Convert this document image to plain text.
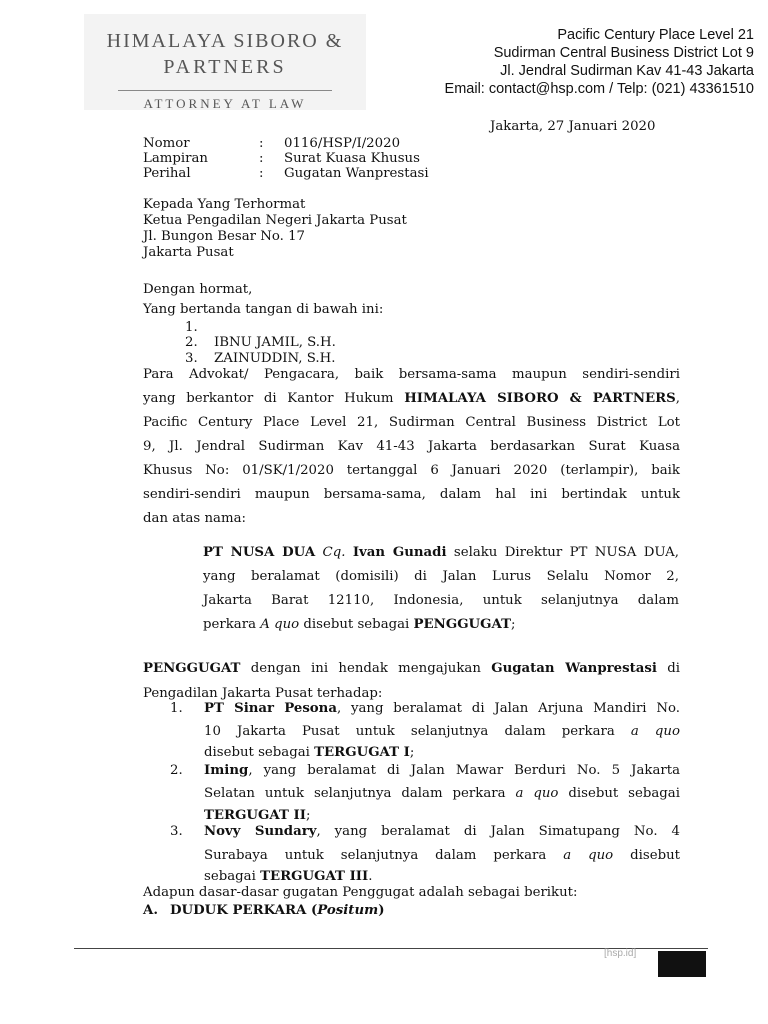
HIMALAYA SIBORO &
PARTNERS
ATTORNEY AT LAW
Pacific Century Place Level 21
Sudirman Central Business District Lot 9
Jl. Jendral Sudirman Kav 41-43 Jakarta
Email: contact@hsp.com / Telp: (021) 43361510
Jakarta, 27 Januari 2020
Nomor	: 0116/HSP/I/2020
Lampiran	: Surat Kuasa Khusus
Perihal	: Gugatan Wanprestasi
Kepada Yang Terhormat
Ketua Pengadilan Negeri Jakarta Pusat
Jl. Bungon Besar No. 17
Jakarta Pusat
Dengan hormat,
Yang bertanda tangan di bawah ini:
1.
2. IBNU JAMIL, S.H.
3. ZAINUDDIN, S.H.
Para Advokat/ Pengacara, baik bersama-sama maupun sendiri-sendiri
yang berkantor di Kantor Hukum HIMALAYA SIBORO & PARTNERS,
Pacific Century Place Level 21, Sudirman Central Business District Lot
9, Jl. Jendral Sudirman Kav 41-43 Jakarta berdasarkan Surat Kuasa
Khusus No: 01/SK/1/2020 tertanggal 6 Januari 2020 (terlampir), baik
sendiri-sendiri maupun bersama-sama, dalam hal ini bertindak untuk
dan atas nama:
PT NUSA DUA Cq. Ivan Gunadi selaku Direktur PT NUSA DUA,
yang beralamat (domisili) di Jalan Lurus Selalu Nomor 2,
Jakarta Barat 12110, Indonesia, untuk selanjutnya dalam
perkara A quo disebut sebagai PENGGUGAT;
PENGGUGAT dengan ini hendak mengajukan Gugatan Wanprestasi di
Pengadilan Jakarta Pusat terhadap:
1. PT Sinar Pesona, yang beralamat di Jalan Arjuna Mandiri No.
10 Jakarta Pusat untuk selanjutnya dalam perkara a quo
disebut sebagai TERGUGAT I;
2. Iming, yang beralamat di Jalan Mawar Berduri No. 5 Jakarta
Selatan untuk selanjutnya dalam perkara a quo disebut sebagai
TERGUGAT II;
3. Novy Sundary, yang beralamat di Jalan Simatupang No. 4
Surabaya untuk selanjutnya dalam perkara a quo disebut
sebagai TERGUGAT III.
Adapun dasar-dasar gugatan Penggugat adalah sebagai berikut:
A. DUDUK PERKARA (Positum)
[hsp.id]
